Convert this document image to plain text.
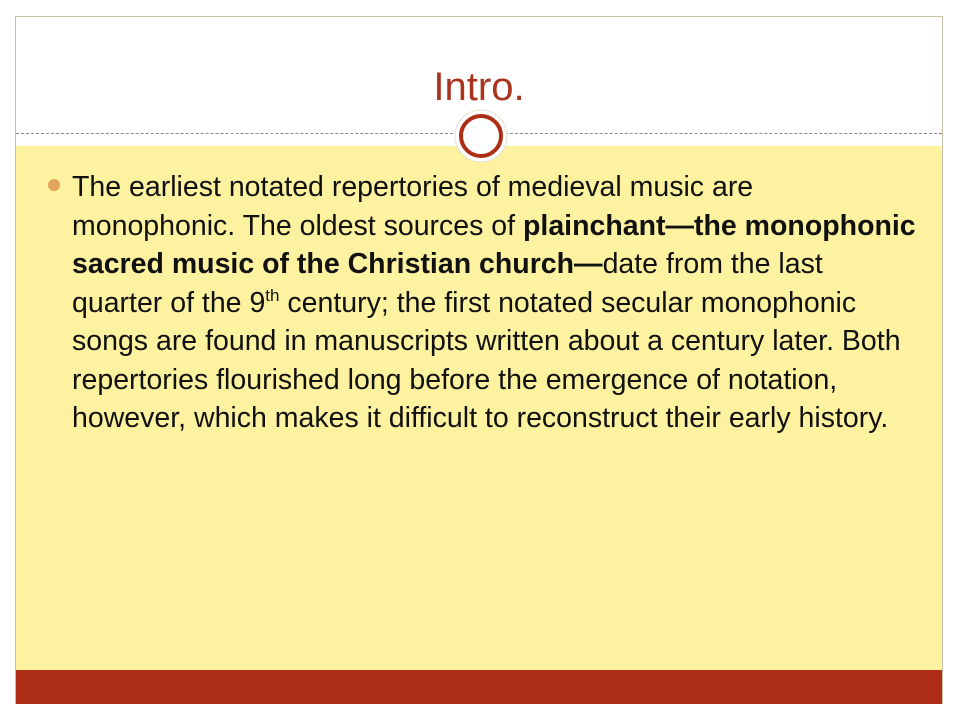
Intro.
The earliest notated repertories of medieval music are monophonic. The oldest sources of plainchant—the monophonic sacred music of the Christian church—date from the last quarter of the 9th century; the first notated secular monophonic songs are found in manuscripts written about a century later. Both repertories flourished long before the emergence of notation, however, which makes it difficult to reconstruct their early history.
